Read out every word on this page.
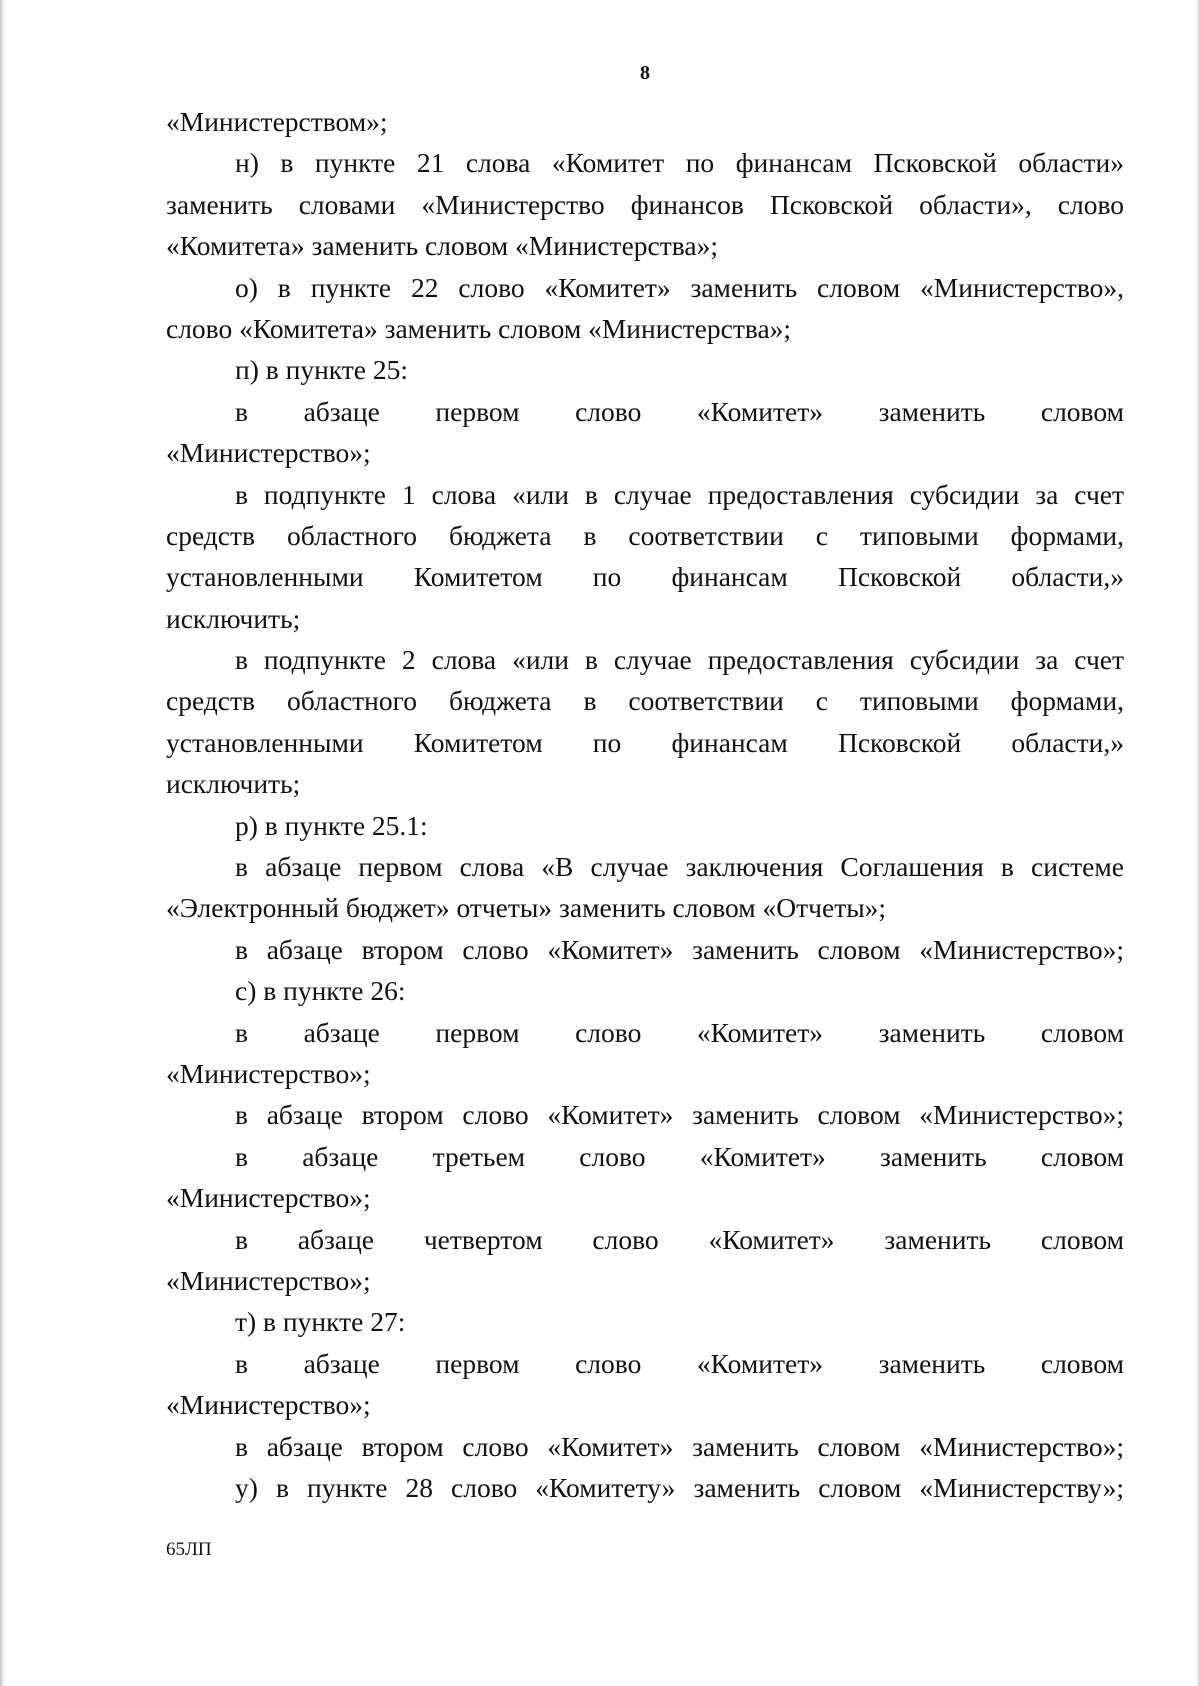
8
«Министерством»;
н) в пункте 21 слова «Комитет по финансам Псковской области»
заменить словами «Министерство финансов Псковской области», слово
«Комитета» заменить словом «Министерства»;
о) в пункте 22 слово «Комитет» заменить словом «Министерство»,
слово «Комитета» заменить словом «Министерства»;
п) в пункте 25:
в абзаце первом слово «Комитет» заменить словом
«Министерство»;
в подпункте 1 слова «или в случае предоставления субсидии за счет
средств областного бюджета в соответствии с типовыми формами,
установленными Комитетом по финансам Псковской области,»
исключить;
в подпункте 2 слова «или в случае предоставления субсидии за счет
средств областного бюджета в соответствии с типовыми формами,
установленными Комитетом по финансам Псковской области,»
исключить;
р) в пункте 25.1:
в абзаце первом слова «В случае заключения Соглашения в системе
«Электронный бюджет» отчеты» заменить словом «Отчеты»;
в абзаце втором слово «Комитет» заменить словом «Министерство»;
с) в пункте 26:
в абзаце первом слово «Комитет» заменить словом
«Министерство»;
в абзаце втором слово «Комитет» заменить словом «Министерство»;
в абзаце третьем слово «Комитет» заменить словом
«Министерство»;
в абзаце четвертом слово «Комитет» заменить словом
«Министерство»;
т) в пункте 27:
в абзаце первом слово «Комитет» заменить словом
«Министерство»;
в абзаце втором слово «Комитет» заменить словом «Министерство»;
у) в пункте 28 слово «Комитету» заменить словом «Министерству»;
65ЛП
